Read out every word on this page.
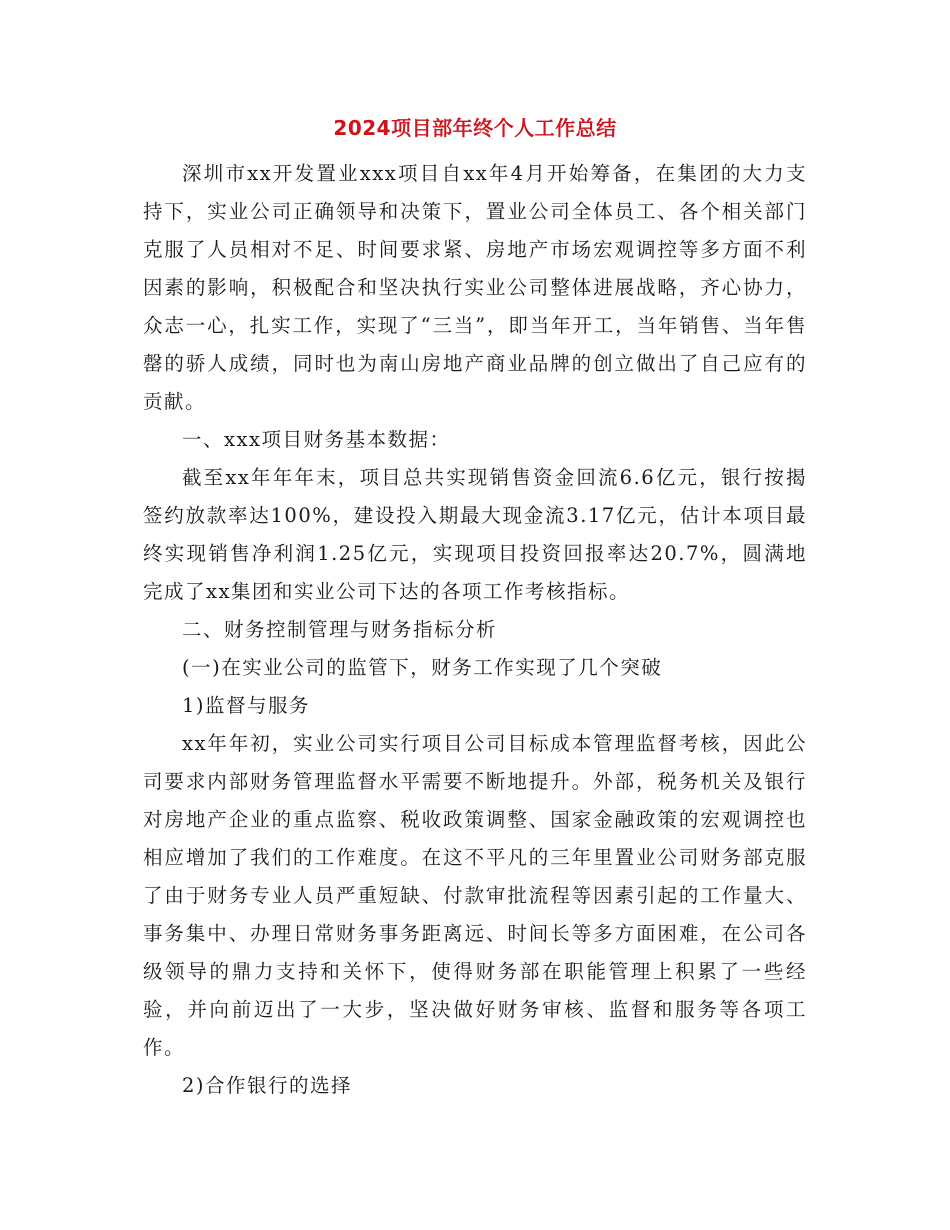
2024项目部年终个人工作总结

深圳市xx开发置业xxx项目自xx年4月开始筹备，在集团的大力支持下，实业公司正确领导和决策下，置业公司全体员工、各个相关部门克服了人员相对不足、时间要求紧、房地产市场宏观调控等多方面不利因素的影响，积极配合和坚决执行实业公司整体进展战略，齐心协力，众志一心，扎实工作，实现了“三当”，即当年开工，当年销售、当年售罄的骄人成绩，同时也为南山房地产商业品牌的创立做出了自己应有的贡献。

一、xxx项目财务基本数据：

截至xx年年年末，项目总共实现销售资金回流6.6亿元，银行按揭签约放款率达100%，建设投入期最大现金流3.17亿元，估计本项目最终实现销售净利润1.25亿元，实现项目投资回报率达20.7%，圆满地完成了xx集团和实业公司下达的各项工作考核指标。

二、财务控制管理与财务指标分析

(一)在实业公司的监管下，财务工作实现了几个突破

1)监督与服务

xx年年初，实业公司实行项目公司目标成本管理监督考核，因此公司要求内部财务管理监督水平需要不断地提升。外部，税务机关及银行对房地产企业的重点监察、税收政策调整、国家金融政策的宏观调控也相应增加了我们的工作难度。在这不平凡的三年里置业公司财务部克服了由于财务专业人员严重短缺、付款审批流程等因素引起的工作量大、事务集中、办理日常财务事务距离远、时间长等多方面困难，在公司各级领导的鼎力支持和关怀下，使得财务部在职能管理上积累了一些经验，并向前迈出了一大步，坚决做好财务审核、监督和服务等各项工作。

2)合作银行的选择
